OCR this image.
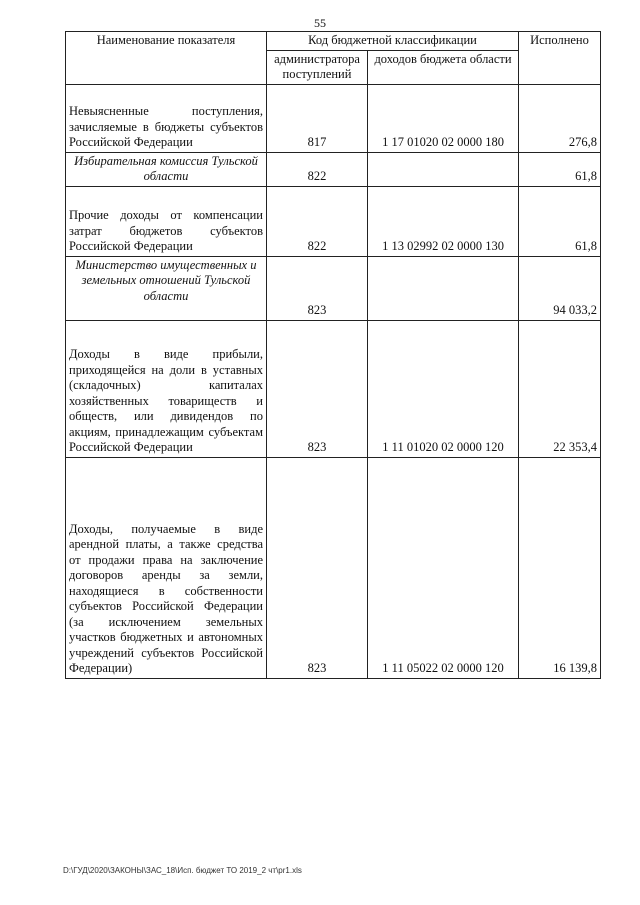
55
Наименование показателя	Код бюджетной классификации		Исполнено
	администратора поступлений	доходов бюджета области	
Невыясненные поступления, зачисляемые в бюджеты субъектов Российской Федерации	817	1 17 01020 02 0000 180	276,8
Избирательная комиссия Тульской области	822		61,8
Прочие доходы от компенсации затрат бюджетов субъектов Российской Федерации	822	1 13 02992 02 0000 130	61,8
Министерство имущественных и земельных отношений Тульской области	823		94 033,2
Доходы в виде прибыли, приходящейся на доли в уставных (складочных) капиталах хозяйственных товариществ и обществ, или дивидендов по акциям, принадлежащим субъектам Российской Федерации	823	1 11 01020 02 0000 120	22 353,4
Доходы, получаемые в виде арендной платы, а также средства от продажи права на заключение договоров аренды за земли, находящиеся в собственности субъектов Российской Федерации (за исключением земельных участков бюджетных и автономных учреждений субъектов Российской Федерации)	823	1 11 05022 02 0000 120	16 139,8
D:\ГУД\2020\ЗАКОНЫ\ЗАС_18\Исп. бюджет ТО 2019_2 чт\pr1.xls
